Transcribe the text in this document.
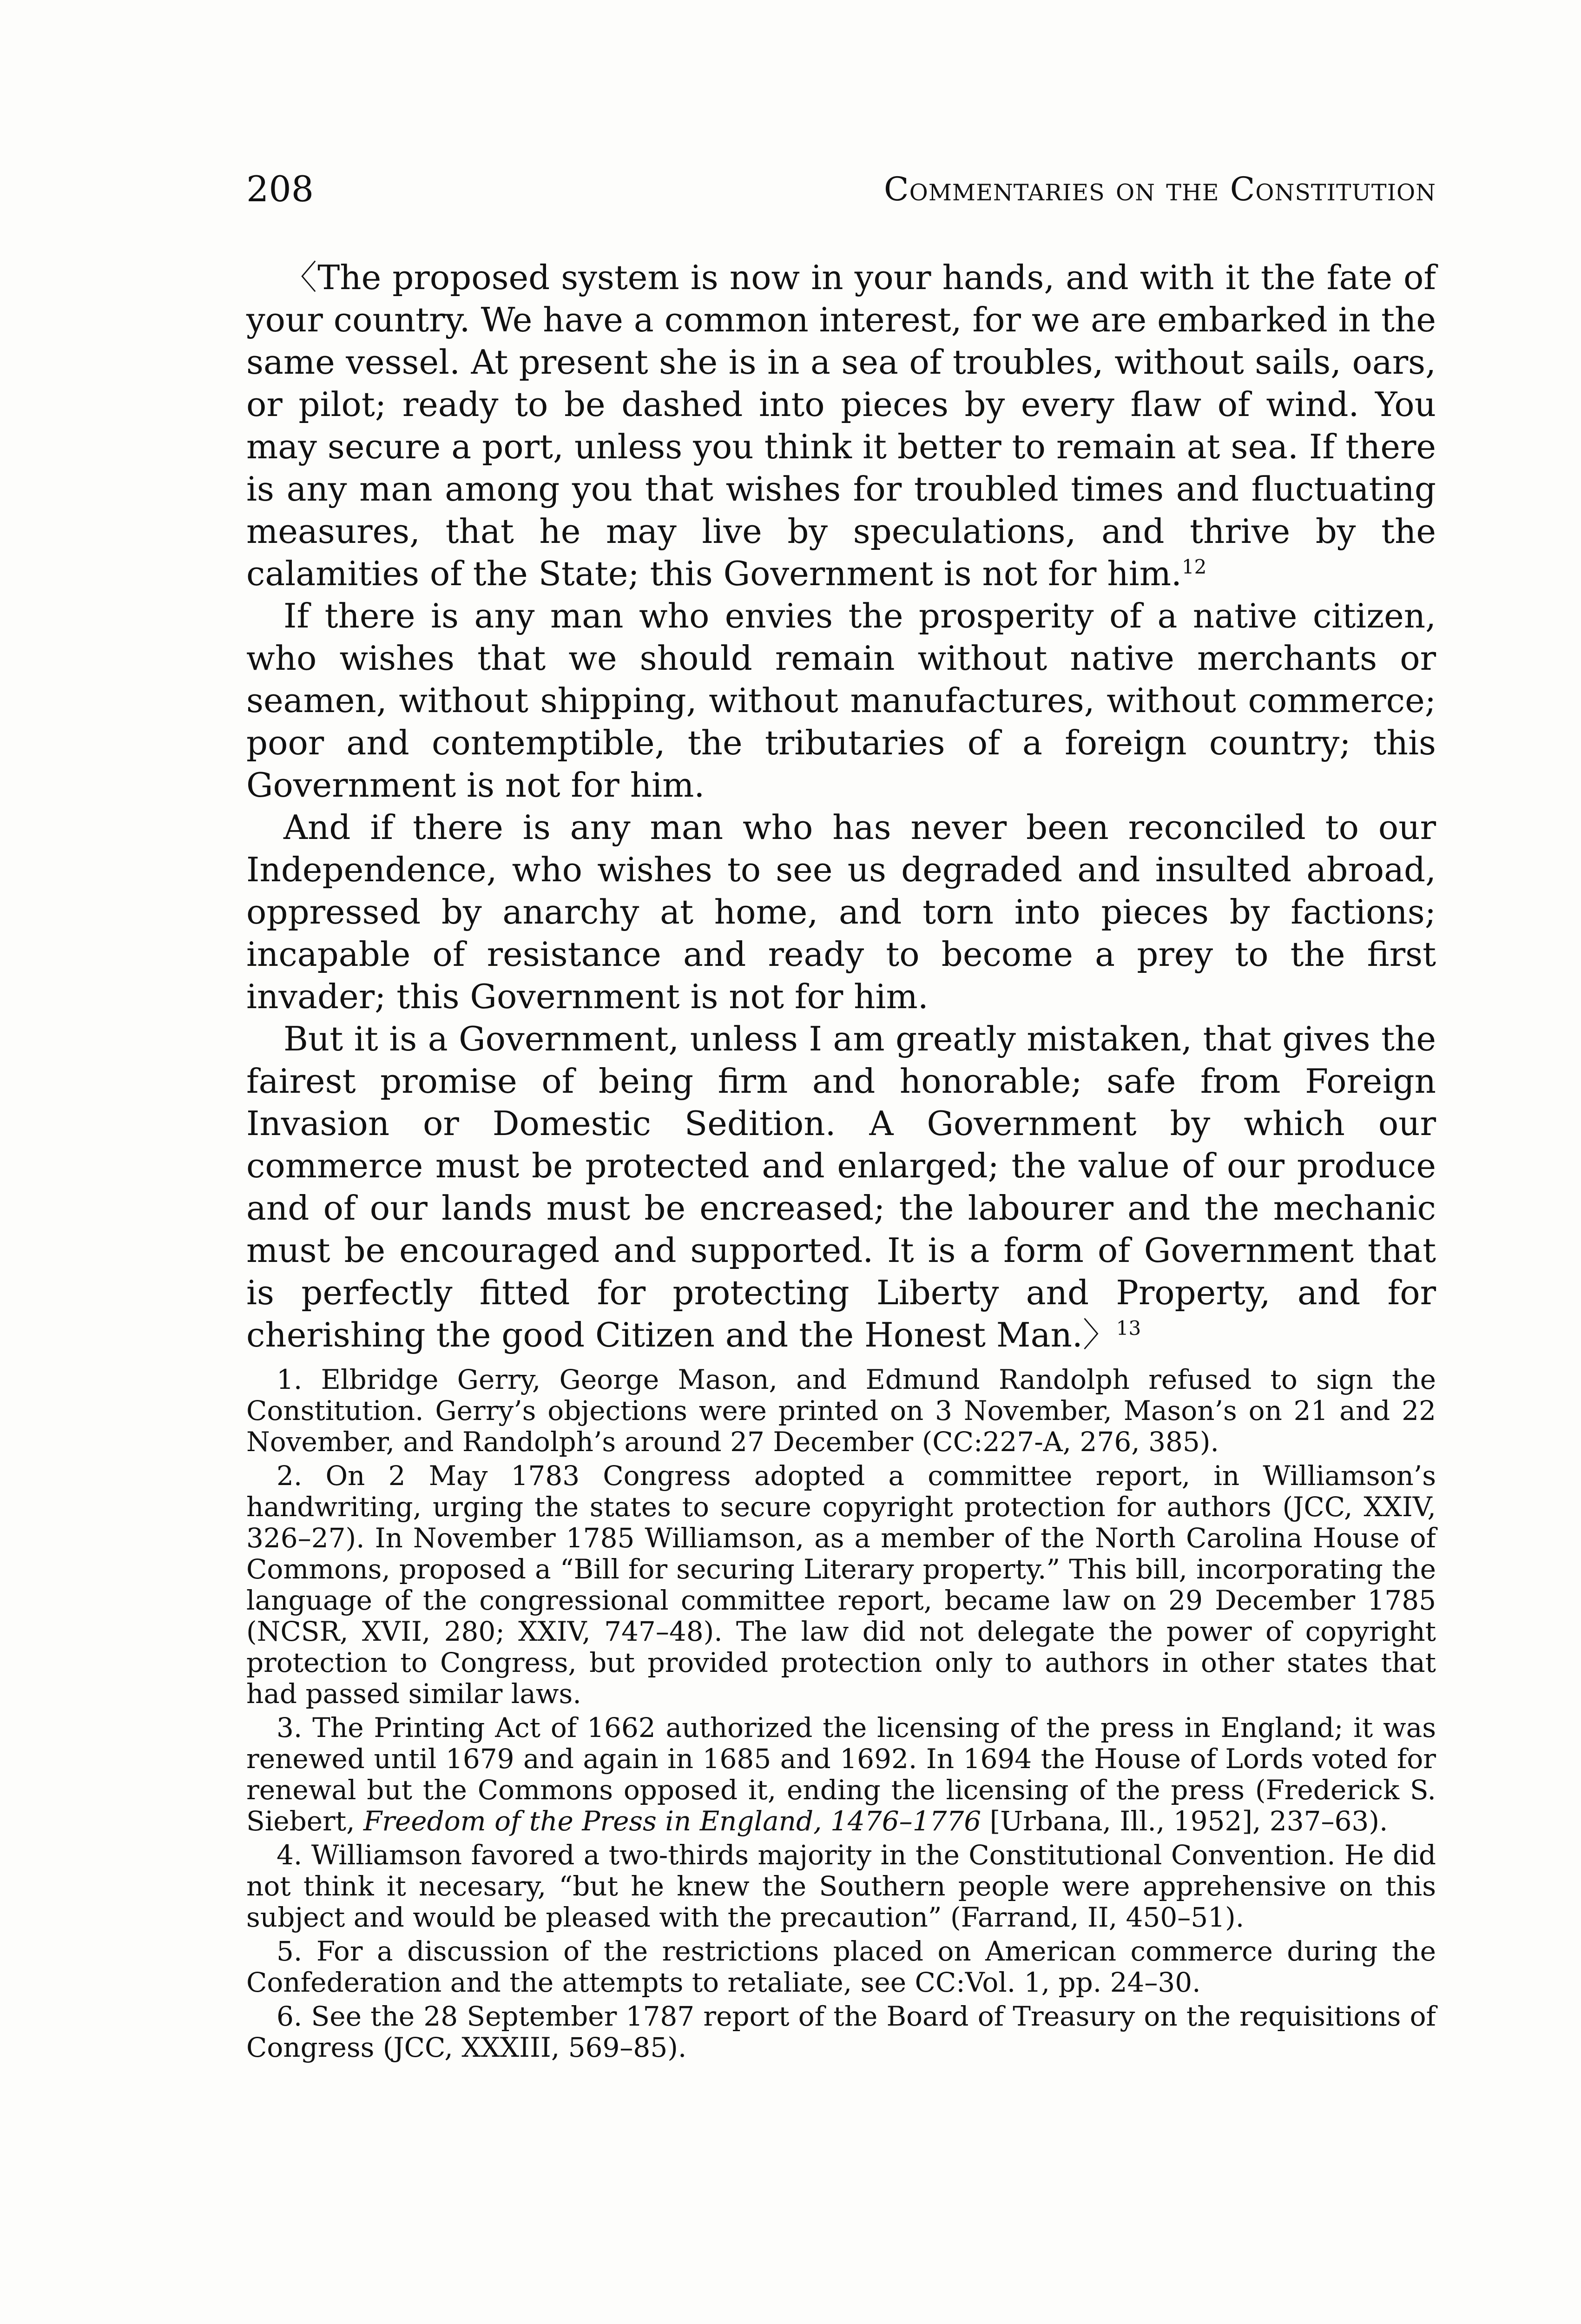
208	Commentaries on the Constitution

〈The proposed system is now in your hands, and with it the fate of your country. We have a common interest, for we are embarked in the same vessel. At present she is in a sea of troubles, without sails, oars, or pilot; ready to be dashed into pieces by every flaw of wind. You may secure a port, unless you think it better to remain at sea. If there is any man among you that wishes for troubled times and fluctuating measures, that he may live by speculations, and thrive by the calamities of the State; this Government is not for him.$^{12}$

If there is any man who envies the prosperity of a native citizen, who wishes that we should remain without native merchants or seamen, without shipping, without manufactures, without commerce; poor and contemptible, the tributaries of a foreign country; this Government is not for him.

And if there is any man who has never been reconciled to our Independence, who wishes to see us degraded and insulted abroad, oppressed by anarchy at home, and torn into pieces by factions; incapable of resistance and ready to become a prey to the first invader; this Government is not for him.

But it is a Government, unless I am greatly mistaken, that gives the fairest promise of being firm and honorable; safe from Foreign Invasion or Domestic Sedition. A Government by which our commerce must be protected and enlarged; the value of our produce and of our lands must be encreased; the labourer and the mechanic must be encouraged and supported. It is a form of Government that is perfectly fitted for protecting Liberty and Property, and for cherishing the good Citizen and the Honest Man.〉$^{13}$

1. Elbridge Gerry, George Mason, and Edmund Randolph refused to sign the Constitution. Gerry’s objections were printed on 3 November, Mason’s on 21 and 22 November, and Randolph’s around 27 December (CC:227-A, 276, 385).

2. On 2 May 1783 Congress adopted a committee report, in Williamson’s handwriting, urging the states to secure copyright protection for authors (JCC, XXIV, 326–27). In November 1785 Williamson, as a member of the North Carolina House of Commons, proposed a “Bill for securing Literary property.” This bill, incorporating the language of the congressional committee report, became law on 29 December 1785 (NCSR, XVII, 280; XXIV, 747–48). The law did not delegate the power of copyright protection to Congress, but provided protection only to authors in other states that had passed similar laws.

3. The Printing Act of 1662 authorized the licensing of the press in England; it was renewed until 1679 and again in 1685 and 1692. In 1694 the House of Lords voted for renewal but the Commons opposed it, ending the licensing of the press (Frederick S. Siebert, Freedom of the Press in England, 1476–1776 [Urbana, Ill., 1952], 237–63).

4. Williamson favored a two-thirds majority in the Constitutional Convention. He did not think it necesary, “but he knew the Southern people were apprehensive on this subject and would be pleased with the precaution” (Farrand, II, 450–51).

5. For a discussion of the restrictions placed on American commerce during the Confederation and the attempts to retaliate, see CC:Vol. 1, pp. 24–30.

6. See the 28 September 1787 report of the Board of Treasury on the requisitions of Congress (JCC, XXXIII, 569–85).
